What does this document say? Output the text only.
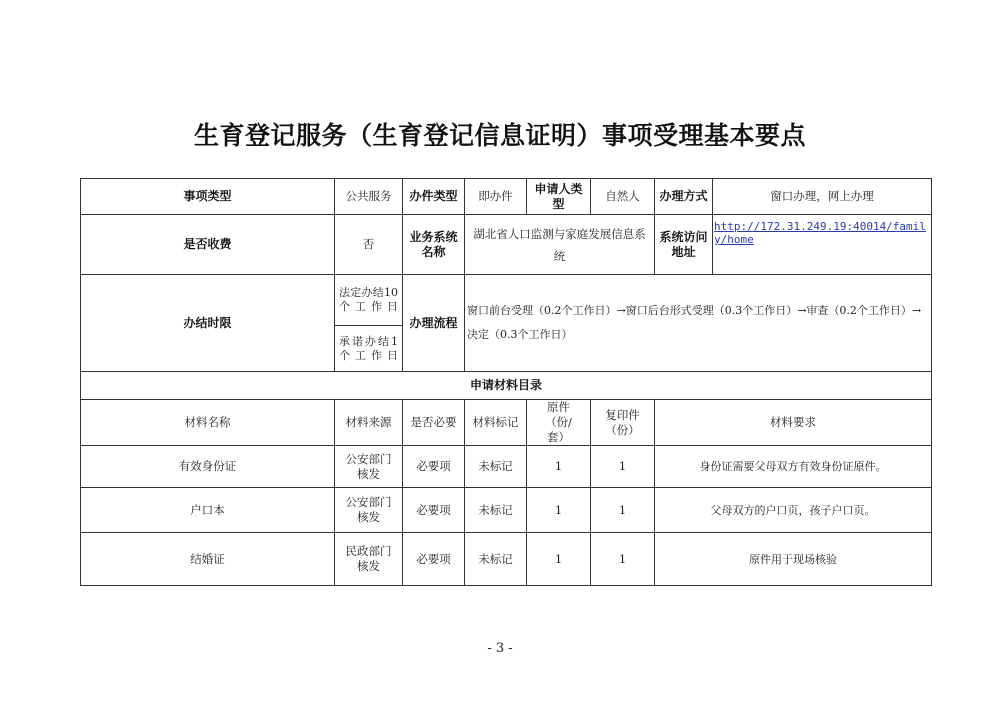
生育登记服务（生育登记信息证明）事项受理基本要点
事项类型	公共服务	办件类型	即办件	申请人类型	自然人	办理方式	窗口办理，网上办理
是否收费	否	业务系统名称	湖北省人口监测与家庭发展信息系统			系统访问地址	http://172.31.249.19:40014/family/home
办结时限	法定办结10个工作日	办理流程	窗口前台受理（0.2个工作日）→窗口后台形式受理（0.3个工作日）→审查（0.2个工作日）→决定（0.3个工作日）				
	承诺办结1个工作日						
申请材料目录							
材料名称	材料来源	是否必要	材料标记	原件（份/套）	复印件（份）	材料要求	
有效身份证	公安部门核发	必要项	未标记	1	1	身份证需要父母双方有效身份证原件。	
户口本	公安部门核发	必要项	未标记	1	1	父母双方的户口页，孩子户口页。	
结婚证	民政部门核发	必要项	未标记	1	1	原件用于现场核验	
- 3 -
